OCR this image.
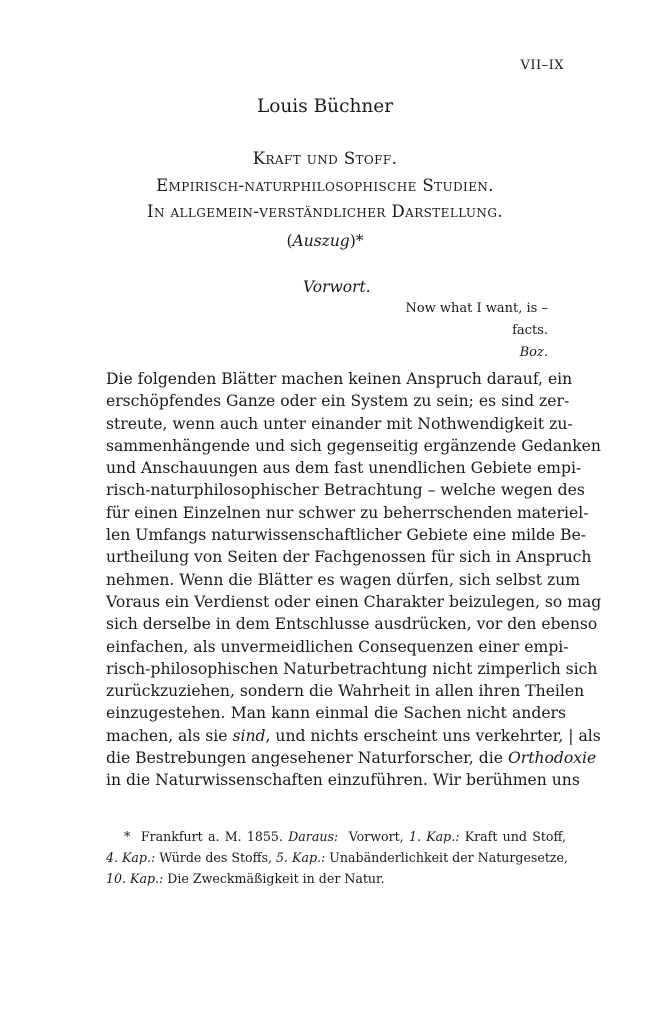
VII–IX
Louis Büchner
Kraft und Stoff.
Empirisch-naturphilosophische Studien.
In allgemein-verständlicher Darstellung.
(Auszug)*
Vorwort.
Now what I want, is – facts.
Boz.
Die folgenden Blätter machen keinen Anspruch darauf, ein
erschöpfendes Ganze oder ein System zu sein; es sind zer-
streute, wenn auch unter einander mit Nothwendigkeit zu-
sammenhängende und sich gegenseitig ergänzende Gedanken
und Anschauungen aus dem fast unendlichen Gebiete empi-
risch-naturphilosophischer Betrachtung – welche wegen des
für einen Einzelnen nur schwer zu beherrschenden materiel-
len Umfangs naturwissenschaftlicher Gebiete eine milde Be-
urtheilung von Seiten der Fachgenossen für sich in Anspruch
nehmen. Wenn die Blätter es wagen dürfen, sich selbst zum
Voraus ein Verdienst oder einen Charakter beizulegen, so mag
sich derselbe in dem Entschlusse ausdrücken, vor den ebenso
einfachen, als unvermeidlichen Consequenzen einer empi-
risch-philosophischen Naturbetrachtung nicht zimperlich sich
zurückzuziehen, sondern die Wahrheit in allen ihren Theilen
einzugestehen. Man kann einmal die Sachen nicht anders
machen, als sie sind, und nichts erscheint uns verkehrter, | als
die Bestrebungen angesehener Naturforscher, die Orthodoxie
in die Naturwissenschaften einzuführen. Wir berühmen uns
* Frankfurt a. M. 1855. Daraus: Vorwort, 1. Kap.: Kraft und Stoff,
4. Kap.: Würde des Stoffs, 5. Kap.: Unabänderlichkeit der Naturgesetze,
10. Kap.: Die Zweckmäßigkeit in der Natur.
